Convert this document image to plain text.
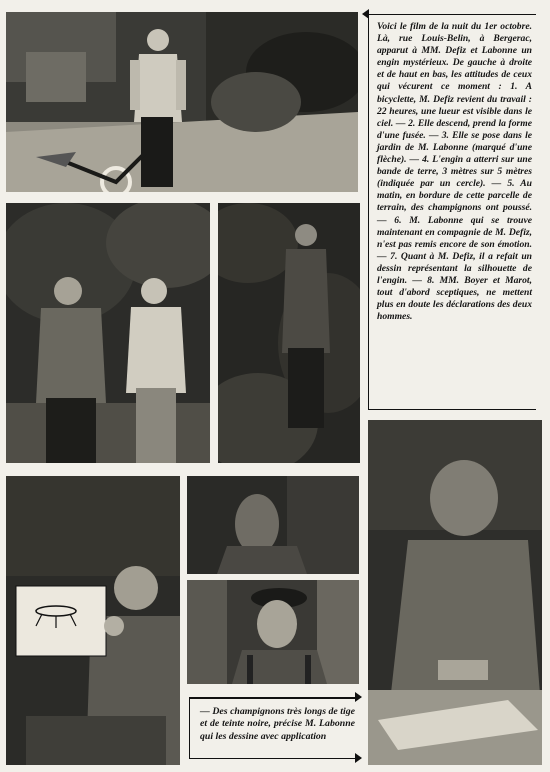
Voici le film de la nuit du 1er octobre. Là, rue Louis-Belin, à Bergerac, apparut à MM. Defiz et Labonne un engin mystérieux. De gauche à droite et de haut en bas, les attitudes de ceux qui vécurent ce moment : 1. A bicyclette, M. Defiz revient du travail : 22 heures, une lueur est visible dans le ciel. — 2. Elle descend, prend la forme d'une fusée. — 3. Elle se pose dans le jardin de M. Labonne (marqué d'une flèche). — 4. L'engin a atterri sur une bande de terre, 3 mètres sur 5 mètres (indiquée par un cercle). — 5. Au matin, en bordure de cette parcelle de terrain, des champignons ont poussé. — 6. M. Labonne qui se trouve maintenant en compagnie de M. Defiz, n'est pas remis encore de son émotion. — 7. Quant à M. Defiz, il a refait un dessin représentant la silhouette de l'engin. — 8. MM. Boyer et Marot, tout d'abord sceptiques, ne mettent plus en doute les déclarations des deux hommes.
— Des champignons très longs de tige et de teinte noire, précise M. Labonne qui les dessine avec application
